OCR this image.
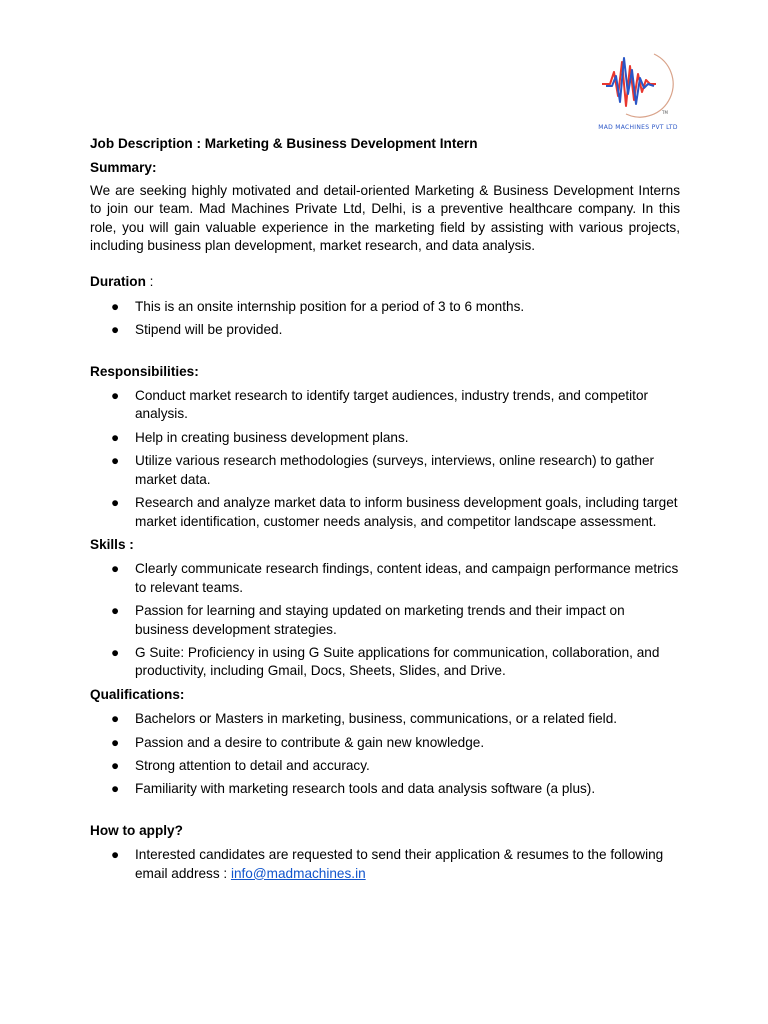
TM
MAD MACHINES PVT LTD
Job Description : Marketing & Business Development Intern
Summary:
We are seeking highly motivated and detail-oriented Marketing & Business Development Interns to join our team. Mad Machines Private Ltd, Delhi, is a preventive healthcare company. In this role, you will gain valuable experience in the marketing field by assisting with various projects, including business plan development, market research, and data analysis.
Duration :
● This is an onsite internship position for a period of 3 to 6 months.
● Stipend will be provided.
Responsibilities:
● Conduct market research to identify target audiences, industry trends, and competitor analysis.
● Help in creating business development plans.
● Utilize various research methodologies (surveys, interviews, online research) to gather market data.
● Research and analyze market data to inform business development goals, including target market identification, customer needs analysis, and competitor landscape assessment.
Skills :
● Clearly communicate research findings, content ideas, and campaign performance metrics to relevant teams.
● Passion for learning and staying updated on marketing trends and their impact on business development strategies.
● G Suite: Proficiency in using G Suite applications for communication, collaboration, and productivity, including Gmail, Docs, Sheets, Slides, and Drive.
Qualifications:
● Bachelors or Masters in marketing, business, communications, or a related field.
● Passion and a desire to contribute & gain new knowledge.
● Strong attention to detail and accuracy.
● Familiarity with marketing research tools and data analysis software (a plus).
How to apply?
● Interested candidates are requested to send their application & resumes to the following email address : info@madmachines.in
